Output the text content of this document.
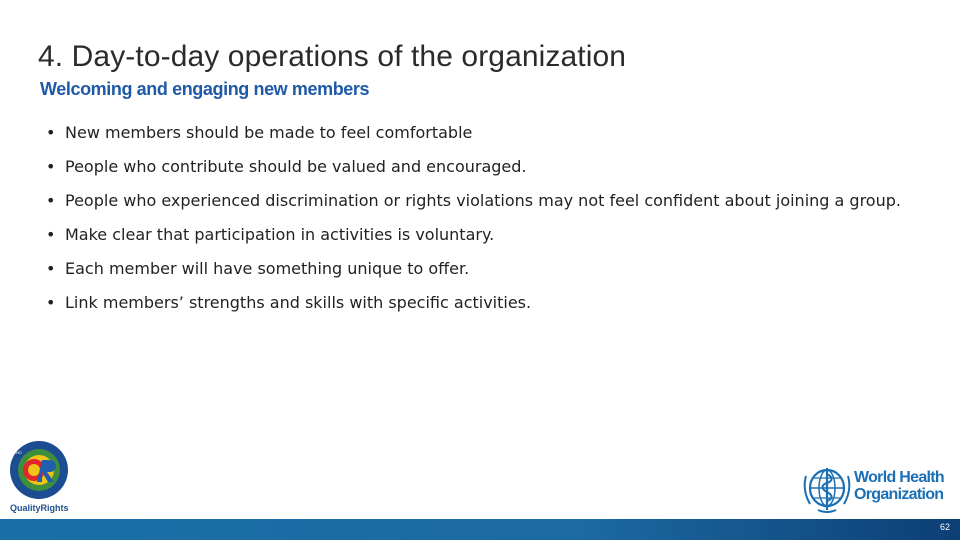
4. Day-to-day operations of the organization
Welcoming and engaging new members
• New members should be made to feel comfortable
• People who contribute should be valued and encouraged.
• People who experienced discrimination or rights violations may not feel confident about joining a group.
• Make clear that participation in activities is voluntary.
• Each member will have something unique to offer.
• Link members’ strengths and skills with specific activities.
WHO
QualityRights
World Health
Organization
62
